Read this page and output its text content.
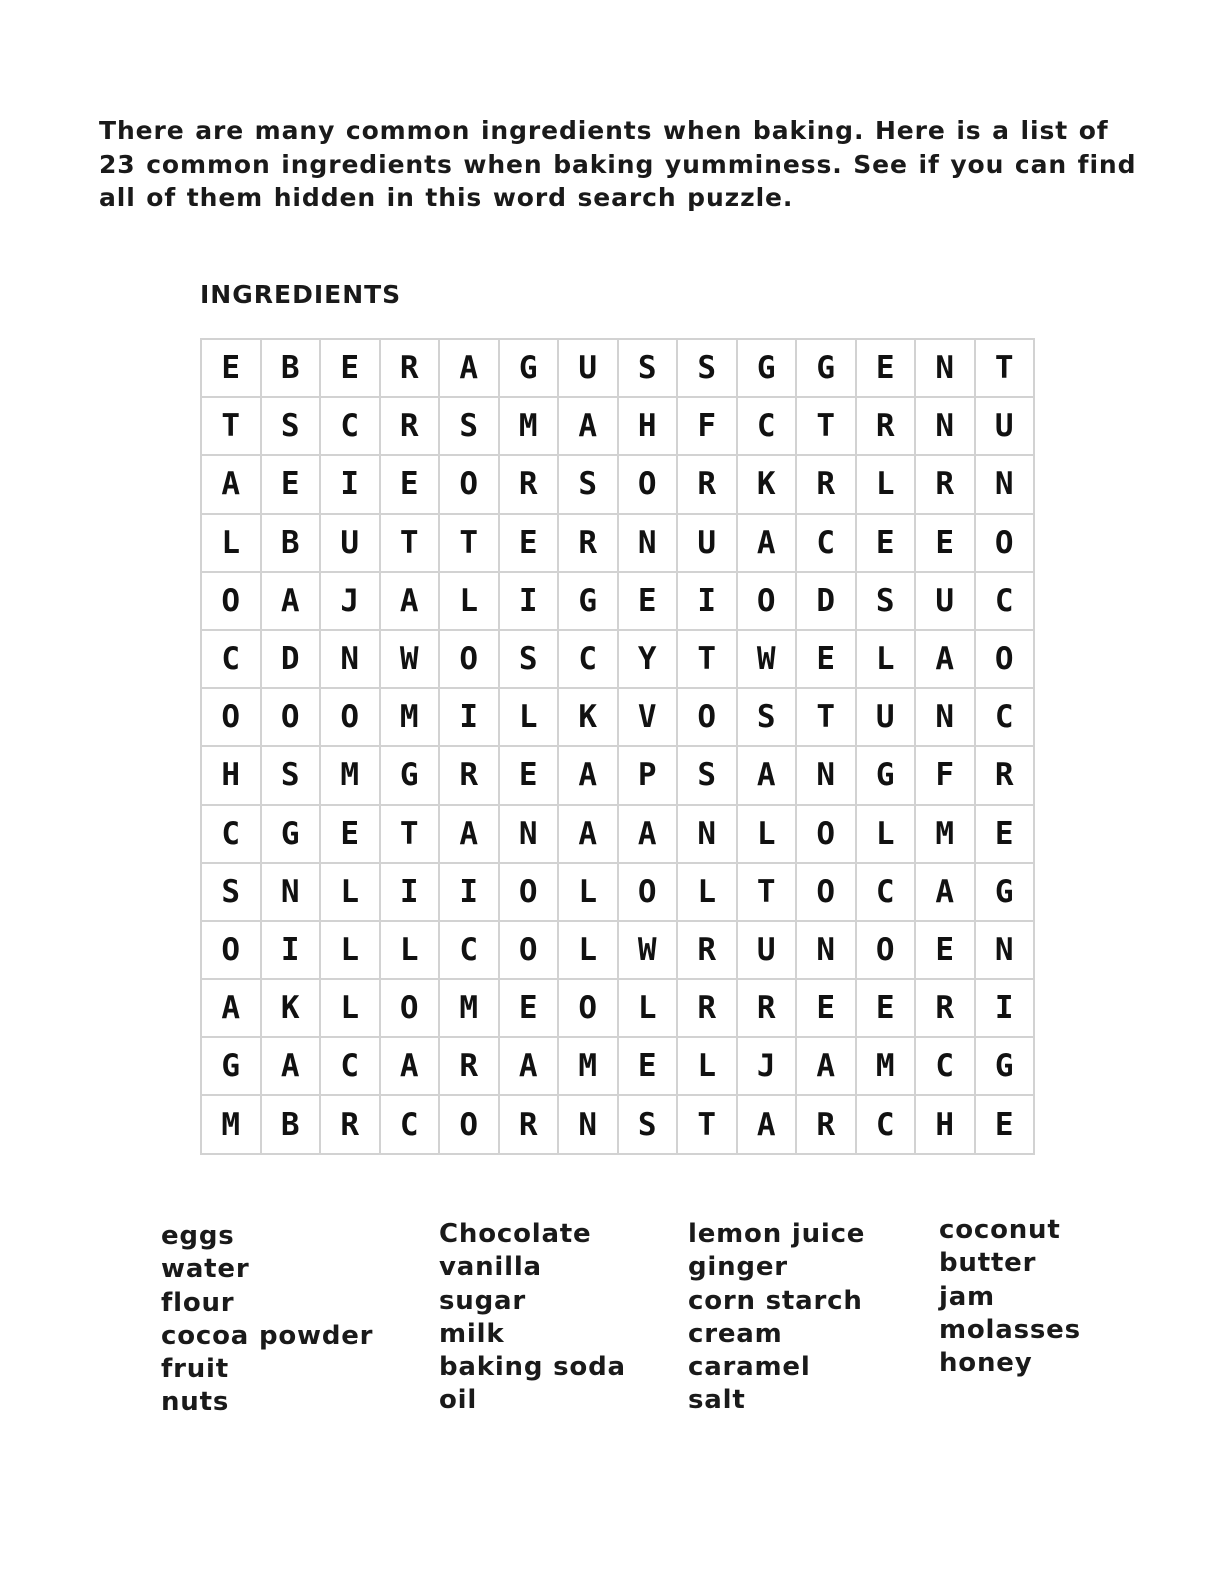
There are many common ingredients when baking. Here is a list of
23 common ingredients when baking yumminess. See if you can find
all of them hidden in this word search puzzle.
INGREDIENTS
E	B	E	R	A	G	U	S	S	G	G	E	N	T
T	S	C	R	S	M	A	H	F	C	T	R	N	U
A	E	I	E	O	R	S	O	R	K	R	L	R	N
L	B	U	T	T	E	R	N	U	A	C	E	E	O
O	A	J	A	L	I	G	E	I	O	D	S	U	C
C	D	N	W	O	S	C	Y	T	W	E	L	A	O
O	O	O	M	I	L	K	V	O	S	T	U	N	C
H	S	M	G	R	E	A	P	S	A	N	G	F	R
C	G	E	T	A	N	A	A	N	L	O	L	M	E
S	N	L	I	I	O	L	O	L	T	O	C	A	G
O	I	L	L	C	O	L	W	R	U	N	O	E	N
A	K	L	O	M	E	O	L	R	R	E	E	R	I
G	A	C	A	R	A	M	E	L	J	A	M	C	G
M	B	R	C	O	R	N	S	T	A	R	C	H	E
eggs
water
flour
cocoa powder
fruit
nuts
Chocolate
vanilla
sugar
milk
baking soda
oil
lemon juice
ginger
corn starch
cream
caramel
salt
coconut
butter
jam
molasses
honey
